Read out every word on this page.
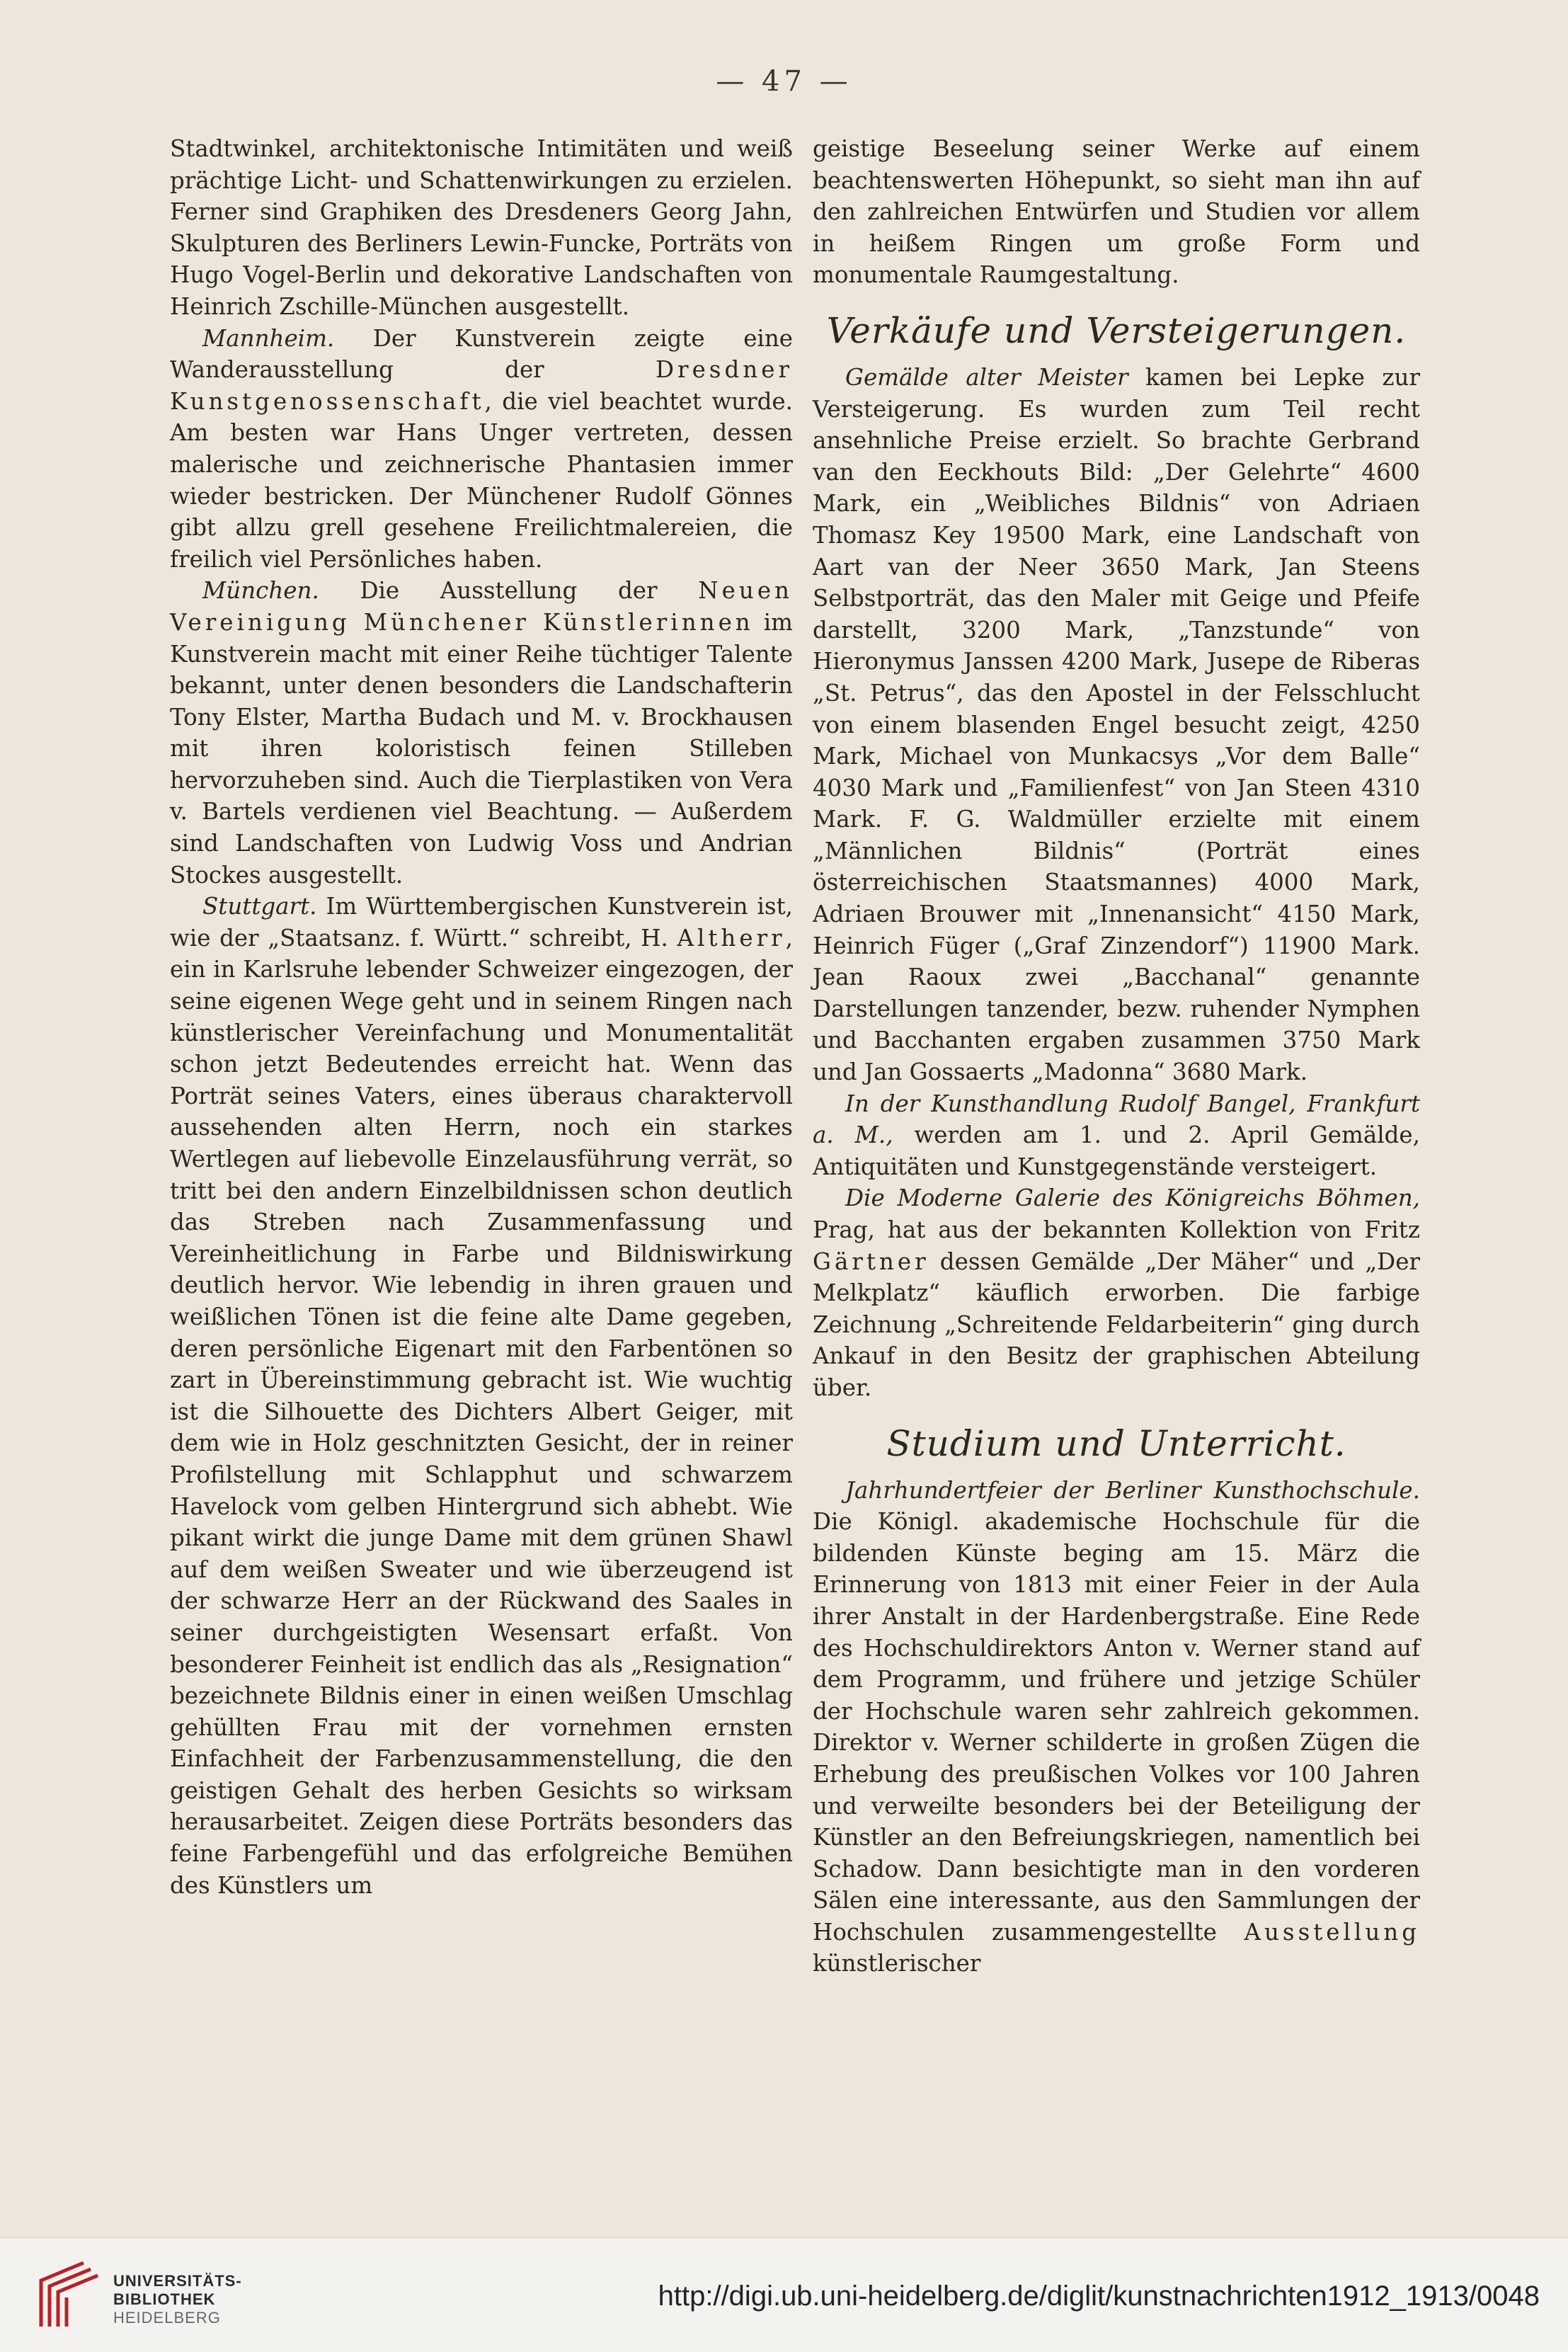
— 47 —

Stadtwinkel, architektonische Intimitäten und weiß prächtige Licht- und Schattenwirkungen zu erzielen. Ferner sind Graphiken des Dresdeners Georg Jahn, Skulpturen des Berliners Lewin-Funcke, Porträts von Hugo Vogel-Berlin und dekorative Landschaften von Heinrich Zschille-München ausgestellt.

Mannheim. Der Kunstverein zeigte eine Wanderausstellung der Dresdner Kunstgenossenschaft, die viel beachtet wurde. Am besten war Hans Unger vertreten, dessen malerische und zeichnerische Phantasien immer wieder bestricken. Der Münchener Rudolf Gönnes gibt allzu grell gesehene Freilichtmalereien, die freilich viel Persönliches haben.

München. Die Ausstellung der Neuen Vereinigung Münchener Künstlerinnen im Kunstverein macht mit einer Reihe tüchtiger Talente bekannt, unter denen besonders die Landschafterin Tony Elster, Martha Budach und M. v. Brockhausen mit ihren koloristisch feinen Stilleben hervorzuheben sind. Auch die Tierplastiken von Vera v. Bartels verdienen viel Beachtung. — Außerdem sind Landschaften von Ludwig Voss und Andrian Stockes ausgestellt.

Stuttgart. Im Württembergischen Kunstverein ist, wie der „Staatsanz. f. Württ.“ schreibt, H. Altherr, ein in Karlsruhe lebender Schweizer eingezogen, der seine eigenen Wege geht und in seinem Ringen nach künstlerischer Vereinfachung und Monumentalität schon jetzt Bedeutendes erreicht hat. Wenn das Porträt seines Vaters, eines überaus charaktervoll aussehenden alten Herrn, noch ein starkes Wertlegen auf liebevolle Einzelausführung verrät, so tritt bei den andern Einzelbildnissen schon deutlich das Streben nach Zusammenfassung und Vereinheitlichung in Farbe und Bildniswirkung deutlich hervor. Wie lebendig in ihren grauen und weißlichen Tönen ist die feine alte Dame gegeben, deren persönliche Eigenart mit den Farbentönen so zart in Übereinstimmung gebracht ist. Wie wuchtig ist die Silhouette des Dichters Albert Geiger, mit dem wie in Holz geschnitzten Gesicht, der in reiner Profilstellung mit Schlapphut und schwarzem Havelock vom gelben Hintergrund sich abhebt. Wie pikant wirkt die junge Dame mit dem grünen Shawl auf dem weißen Sweater und wie überzeugend ist der schwarze Herr an der Rückwand des Saales in seiner durchgeistigten Wesensart erfaßt. Von besonderer Feinheit ist endlich das als „Resignation“ bezeichnete Bildnis einer in einen weißen Umschlag gehüllten Frau mit der vornehmen ernsten Einfachheit der Farbenzusammenstellung, die den geistigen Gehalt des herben Gesichts so wirksam herausarbeitet. Zeigen diese Porträts besonders das feine Farbengefühl und das erfolgreiche Bemühen des Künstlers um

geistige Beseelung seiner Werke auf einem beachtenswerten Höhepunkt, so sieht man ihn auf den zahlreichen Entwürfen und Studien vor allem in heißem Ringen um große Form und monumentale Raumgestaltung.

Verkäufe und Versteigerungen.

Gemälde alter Meister kamen bei Lepke zur Versteigerung. Es wurden zum Teil recht ansehnliche Preise erzielt. So brachte Gerbrand van den Eeckhouts Bild: „Der Gelehrte“ 4600 Mark, ein „Weibliches Bildnis“ von Adriaen Thomasz Key 19500 Mark, eine Landschaft von Aart van der Neer 3650 Mark, Jan Steens Selbstporträt, das den Maler mit Geige und Pfeife darstellt, 3200 Mark, „Tanzstunde“ von Hieronymus Janssen 4200 Mark, Jusepe de Riberas „St. Petrus“, das den Apostel in der Felsschlucht von einem blasenden Engel besucht zeigt, 4250 Mark, Michael von Munkacsys „Vor dem Balle“ 4030 Mark und „Familienfest“ von Jan Steen 4310 Mark. F. G. Waldmüller erzielte mit einem „Männlichen Bildnis“ (Porträt eines österreichischen Staatsmannes) 4000 Mark, Adriaen Brouwer mit „Innenansicht“ 4150 Mark, Heinrich Füger („Graf Zinzendorf“) 11900 Mark. Jean Raoux zwei „Bacchanal“ genannte Darstellungen tanzender, bezw. ruhender Nymphen und Bacchanten ergaben zusammen 3750 Mark und Jan Gossaerts „Madonna“ 3680 Mark.

In der Kunsthandlung Rudolf Bangel, Frankfurt a. M., werden am 1. und 2. April Gemälde, Antiquitäten und Kunstgegenstände versteigert.

Die Moderne Galerie des Königreichs Böhmen, Prag, hat aus der bekannten Kollektion von Fritz Gärtner dessen Gemälde „Der Mäher“ und „Der Melkplatz“ käuflich erworben. Die farbige Zeichnung „Schreitende Feldarbeiterin“ ging durch Ankauf in den Besitz der graphischen Abteilung über.

Studium und Unterricht.

Jahrhundertfeier der Berliner Kunsthochschule. Die Königl. akademische Hochschule für die bildenden Künste beging am 15. März die Erinnerung von 1813 mit einer Feier in der Aula ihrer Anstalt in der Hardenbergstraße. Eine Rede des Hochschuldirektors Anton v. Werner stand auf dem Programm, und frühere und jetzige Schüler der Hochschule waren sehr zahlreich gekommen. Direktor v. Werner schilderte in großen Zügen die Erhebung des preußischen Volkes vor 100 Jahren und verweilte besonders bei der Beteiligung der Künstler an den Befreiungskriegen, namentlich bei Schadow. Dann besichtigte man in den vorderen Sälen eine interessante, aus den Sammlungen der Hochschulen zusammengestellte Ausstellung künstlerischer

UNIVERSITÄTS-
BIBLIOTHEK
HEIDELBERG
http://digi.ub.uni-heidelberg.de/diglit/kunstnachrichten1912_1913/0048
